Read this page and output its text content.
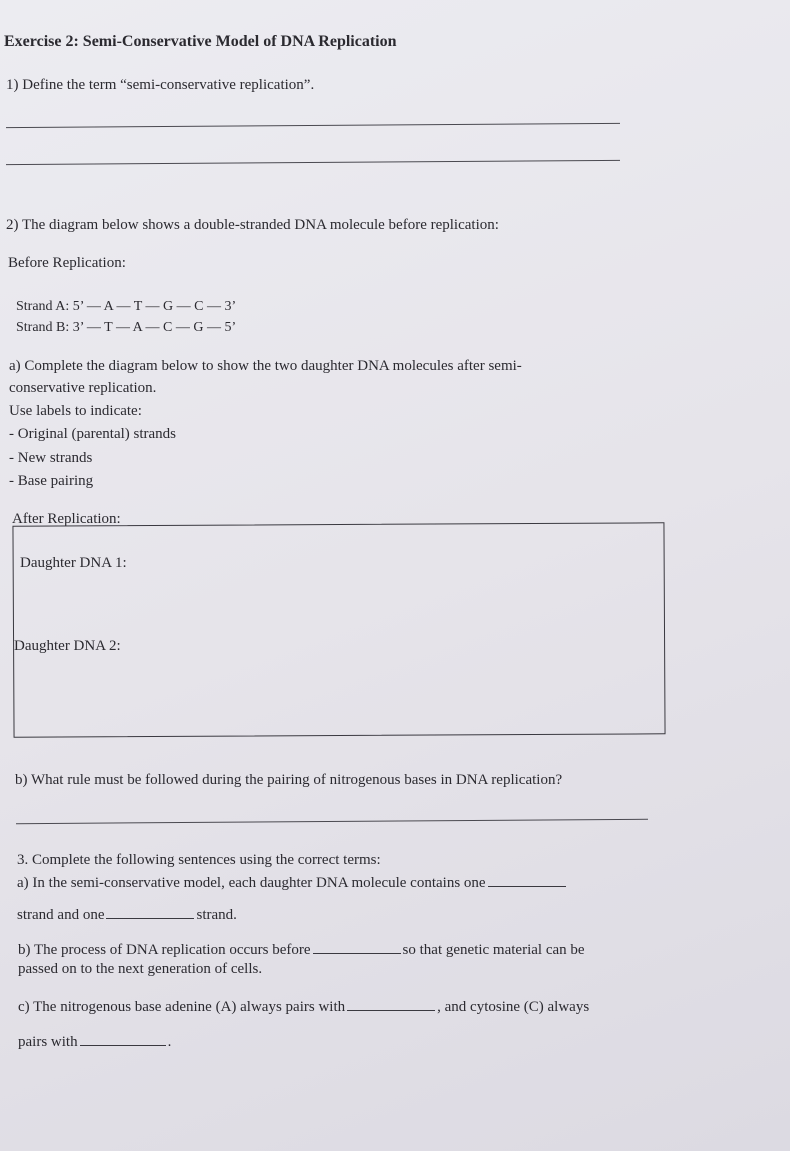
Exercise 2: Semi-Conservative Model of DNA Replication
1) Define the term “semi-conservative replication”.
2) The diagram below shows a double-stranded DNA molecule before replication:
Before Replication:
Strand A: 5’ — A — T — G — C — 3’
Strand B: 3’ — T — A — C — G — 5’
a) Complete the diagram below to show the two daughter DNA molecules after semi-
conservative replication.
Use labels to indicate:
- Original (parental) strands
- New strands
- Base pairing
After Replication:
Daughter DNA 1:
Daughter DNA 2:
b) What rule must be followed during the pairing of nitrogenous bases in DNA replication?
3. Complete the following sentences using the correct terms:
a) In the semi-conservative model, each daughter DNA molecule contains one
strand and one	strand.
b) The process of DNA replication occurs before	so that genetic material can be
passed on to the next generation of cells.
c) The nitrogenous base adenine (A) always pairs with	, and cytosine (C) always
pairs with	.
